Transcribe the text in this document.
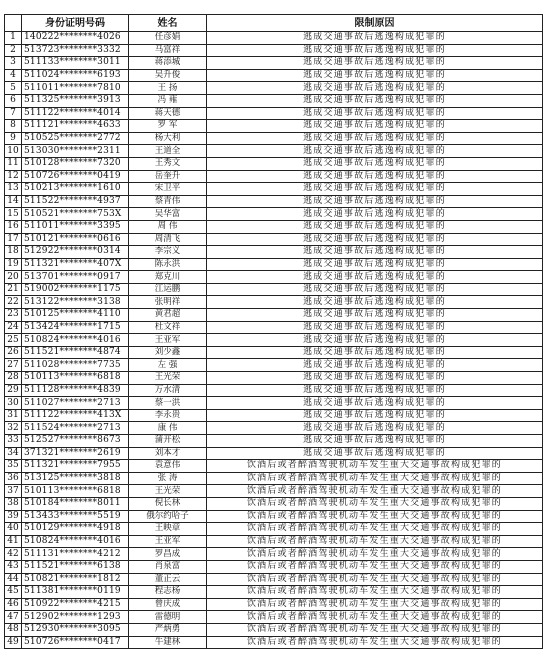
	身份证明号码	姓名	限制原因
1	140222********4026	任彦娟	逃成交通事故后逃逸构成犯罪的
2	513723********3332	马富祥	逃成交通事故后逃逸构成犯罪的
3	511133********3011	蒋添城	逃成交通事故后逃逸构成犯罪的
4	511024********6193	吴升俊	逃成交通事故后逃逸构成犯罪的
5	511011********7810	王 扬	逃成交通事故后逃逸构成犯罪的
6	511325********3913	冯 雍	逃成交通事故后逃逸构成犯罪的
7	511122********4014	蒋天德	逃成交通事故后逃逸构成犯罪的
8	511121********4633	罗 军	逃成交通事故后逃逸构成犯罪的
9	510525********2772	杨大利	逃成交通事故后逃逸构成犯罪的
10	513030********2311	王道全	逃成交通事故后逃逸构成犯罪的
11	510128********7320	王秀文	逃成交通事故后逃逸构成犯罪的
12	510726********0419	岳奎升	逃成交通事故后逃逸构成犯罪的
13	510213********1610	宋卫平	逃成交通事故后逃逸构成犯罪的
14	511522********4937	蔡青伟	逃成交通事故后逃逸构成犯罪的
15	510521********753X	吴华富	逃成交通事故后逃逸构成犯罪的
16	511011********3395	周 伟	逃成交通事故后逃逸构成犯罪的
17	510121********0616	周清飞	逃成交通事故后逃逸构成犯罪的
18	512922********0314	李宗义	逃成交通事故后逃逸构成犯罪的
19	511321********407X	陈永洪	逃成交通事故后逃逸构成犯罪的
20	513701********0917	郑克川	逃成交通事故后逃逸构成犯罪的
21	519002********1175	江运鹏	逃成交通事故后逃逸构成犯罪的
22	513122********3138	张明祥	逃成交通事故后逃逸构成犯罪的
23	510125********4110	黄君超	逃成交通事故后逃逸构成犯罪的
24	513424********1715	杜文祥	逃成交通事故后逃逸构成犯罪的
25	510824********4016	王亚军	逃成交通事故后逃逸构成犯罪的
26	511521********4874	刘少鑫	逃成交通事故后逃逸构成犯罪的
27	511028********7735	左 强	逃成交通事故后逃逸构成犯罪的
28	510113********6818	王光荣	逃成交通事故后逃逸构成犯罪的
29	511128********4839	万水清	逃成交通事故后逃逸构成犯罪的
30	511027********2713	蔡一洪	逃成交通事故后逃逸构成犯罪的
31	511122********413X	李永贵	逃成交通事故后逃逸构成犯罪的
32	511524********2713	康 伟	逃成交通事故后逃逸构成犯罪的
33	512527********8673	蒲开松	逃成交通事故后逃逸构成犯罪的
34	371321********2619	刘本才	逃成交通事故后逃逸构成犯罪的
35	511321********7955	袁意伟	饮酒后或者醉酒驾驶机动车发生重大交通事故构成犯罪的
36	513125********3818	张 涛	饮酒后或者醉酒驾驶机动车发生重大交通事故构成犯罪的
37	510113********6818	王光荣	饮酒后或者醉酒驾驶机动车发生重大交通事故构成犯罪的
38	510184********8011	倪长林	饮酒后或者醉酒驾驶机动车发生重大交通事故构成犯罪的
39	513433********5519	俄尔约哈子	饮酒后或者醉酒驾驶机动车发生重大交通事故构成犯罪的
40	510129********4918	王映章	饮酒后或者醉酒驾驶机动车发生重大交通事故构成犯罪的
41	510824********4016	王亚军	饮酒后或者醉酒驾驶机动车发生重大交通事故构成犯罪的
42	511131********4212	罗昌成	饮酒后或者醉酒驾驶机动车发生重大交通事故构成犯罪的
43	511521********6138	肖泉富	饮酒后或者醉酒驾驶机动车发生重大交通事故构成犯罪的
44	510821********1812	董正云	饮酒后或者醉酒驾驶机动车发生重大交通事故构成犯罪的
45	511381********0119	程志杨	饮酒后或者醉酒驾驶机动车发生重大交通事故构成犯罪的
46	510922********4215	曾庆成	饮酒后或者醉酒驾驶机动车发生重大交通事故构成犯罪的
47	512902********1293	雷德明	饮酒后或者醉酒驾驶机动车发生重大交通事故构成犯罪的
48	512930********3095	严炳勇	饮酒后或者醉酒驾驶机动车发生重大交通事故构成犯罪的
49	510726********0417	牛建林	饮酒后或者醉酒驾驶机动车发生重大交通事故构成犯罪的
